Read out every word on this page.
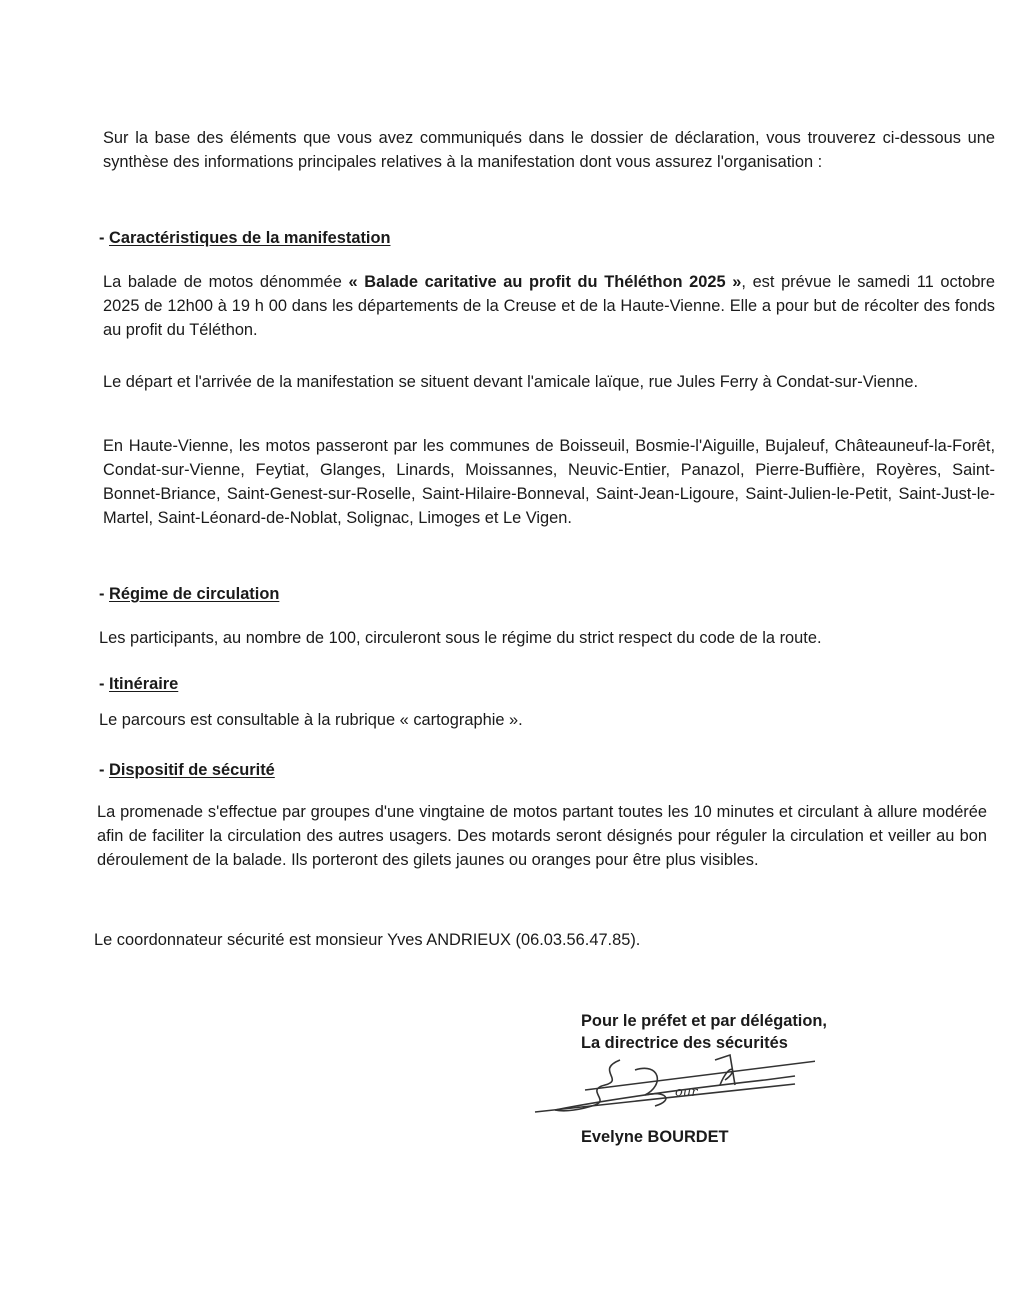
Sur la base des éléments que vous avez communiqués dans le dossier de déclaration, vous trouverez ci-dessous une synthèse des informations principales relatives à la manifestation dont vous assurez l'organisation :
- Caractéristiques de la manifestation
La balade de motos dénommée « Balade caritative au profit du Théléthon 2025 », est prévue le samedi 11 octobre 2025 de 12h00 à 19 h 00 dans les départements de la Creuse et de la Haute-Vienne. Elle a pour but de récolter des fonds au profit du Téléthon.
Le départ et l'arrivée de la manifestation se situent devant l'amicale laïque, rue Jules Ferry à Condat-sur-Vienne.
En Haute-Vienne, les motos passeront par les communes de Boisseuil, Bosmie-l'Aiguille, Bujaleuf, Châteauneuf-la-Forêt, Condat-sur-Vienne, Feytiat, Glanges, Linards, Moissannes, Neuvic-Entier, Panazol, Pierre-Buffière, Royères, Saint-Bonnet-Briance, Saint-Genest-sur-Roselle, Saint-Hilaire-Bonneval, Saint-Jean-Ligoure, Saint-Julien-le-Petit, Saint-Just-le-Martel, Saint-Léonard-de-Noblat, Solignac, Limoges et Le Vigen.
- Régime de circulation
Les participants, au nombre de 100, circuleront sous le régime du strict respect du code de la route.
- Itinéraire
Le parcours est consultable à la rubrique « cartographie ».
- Dispositif de sécurité
La promenade s'effectue par groupes d'une vingtaine de motos partant toutes les 10 minutes et circulant à allure modérée afin de faciliter la circulation des autres usagers. Des motards seront désignés pour réguler la circulation et veiller au bon déroulement de la balade. Ils porteront des gilets jaunes ou oranges pour être plus visibles.
Le coordonnateur sécurité est monsieur Yves ANDRIEUX (06.03.56.47.85).
Pour le préfet et par délégation,
La directrice des sécurités
our
Evelyne BOURDET
